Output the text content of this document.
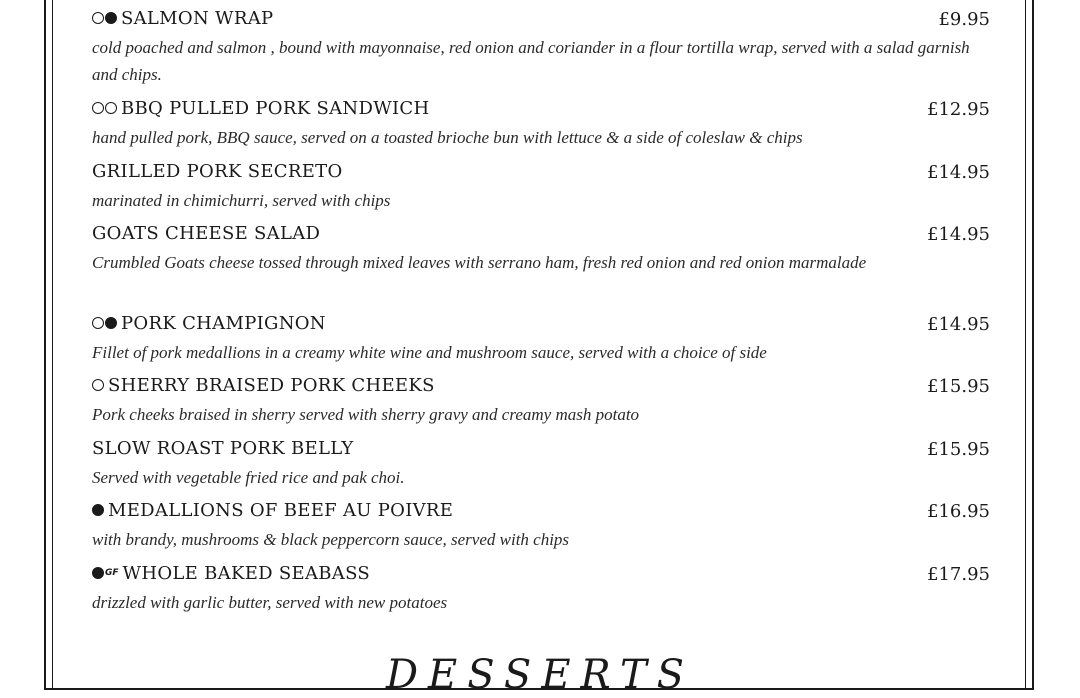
SALMON WRAP	£9.95
cold poached and salmon , bound with mayonnaise, red onion and coriander in a flour tortilla wrap, served with a salad garnish and chips.
BBQ PULLED PORK SANDWICH	£12.95
hand pulled pork, BBQ sauce, served on a toasted brioche bun with lettuce & a side of coleslaw & chips
GRILLED PORK SECRETO	£14.95
marinated in chimichurri, served with chips
GOATS CHEESE SALAD	£14.95
Crumbled Goats cheese tossed through mixed leaves with serrano ham, fresh red onion and red onion marmalade
PORK CHAMPIGNON	£14.95
Fillet of pork medallions in a creamy white wine and mushroom sauce, served with a choice of side
SHERRY BRAISED PORK CHEEKS	£15.95
Pork cheeks braised in sherry served with sherry gravy and creamy mash potato
SLOW ROAST PORK BELLY	£15.95
Served with vegetable fried rice and pak choi.
MEDALLIONS OF BEEF AU POIVRE	£16.95
with brandy, mushrooms & black peppercorn sauce, served with chips
GF WHOLE BAKED SEABASS	£17.95
drizzled with garlic butter, served with new potatoes
DESSERTS
